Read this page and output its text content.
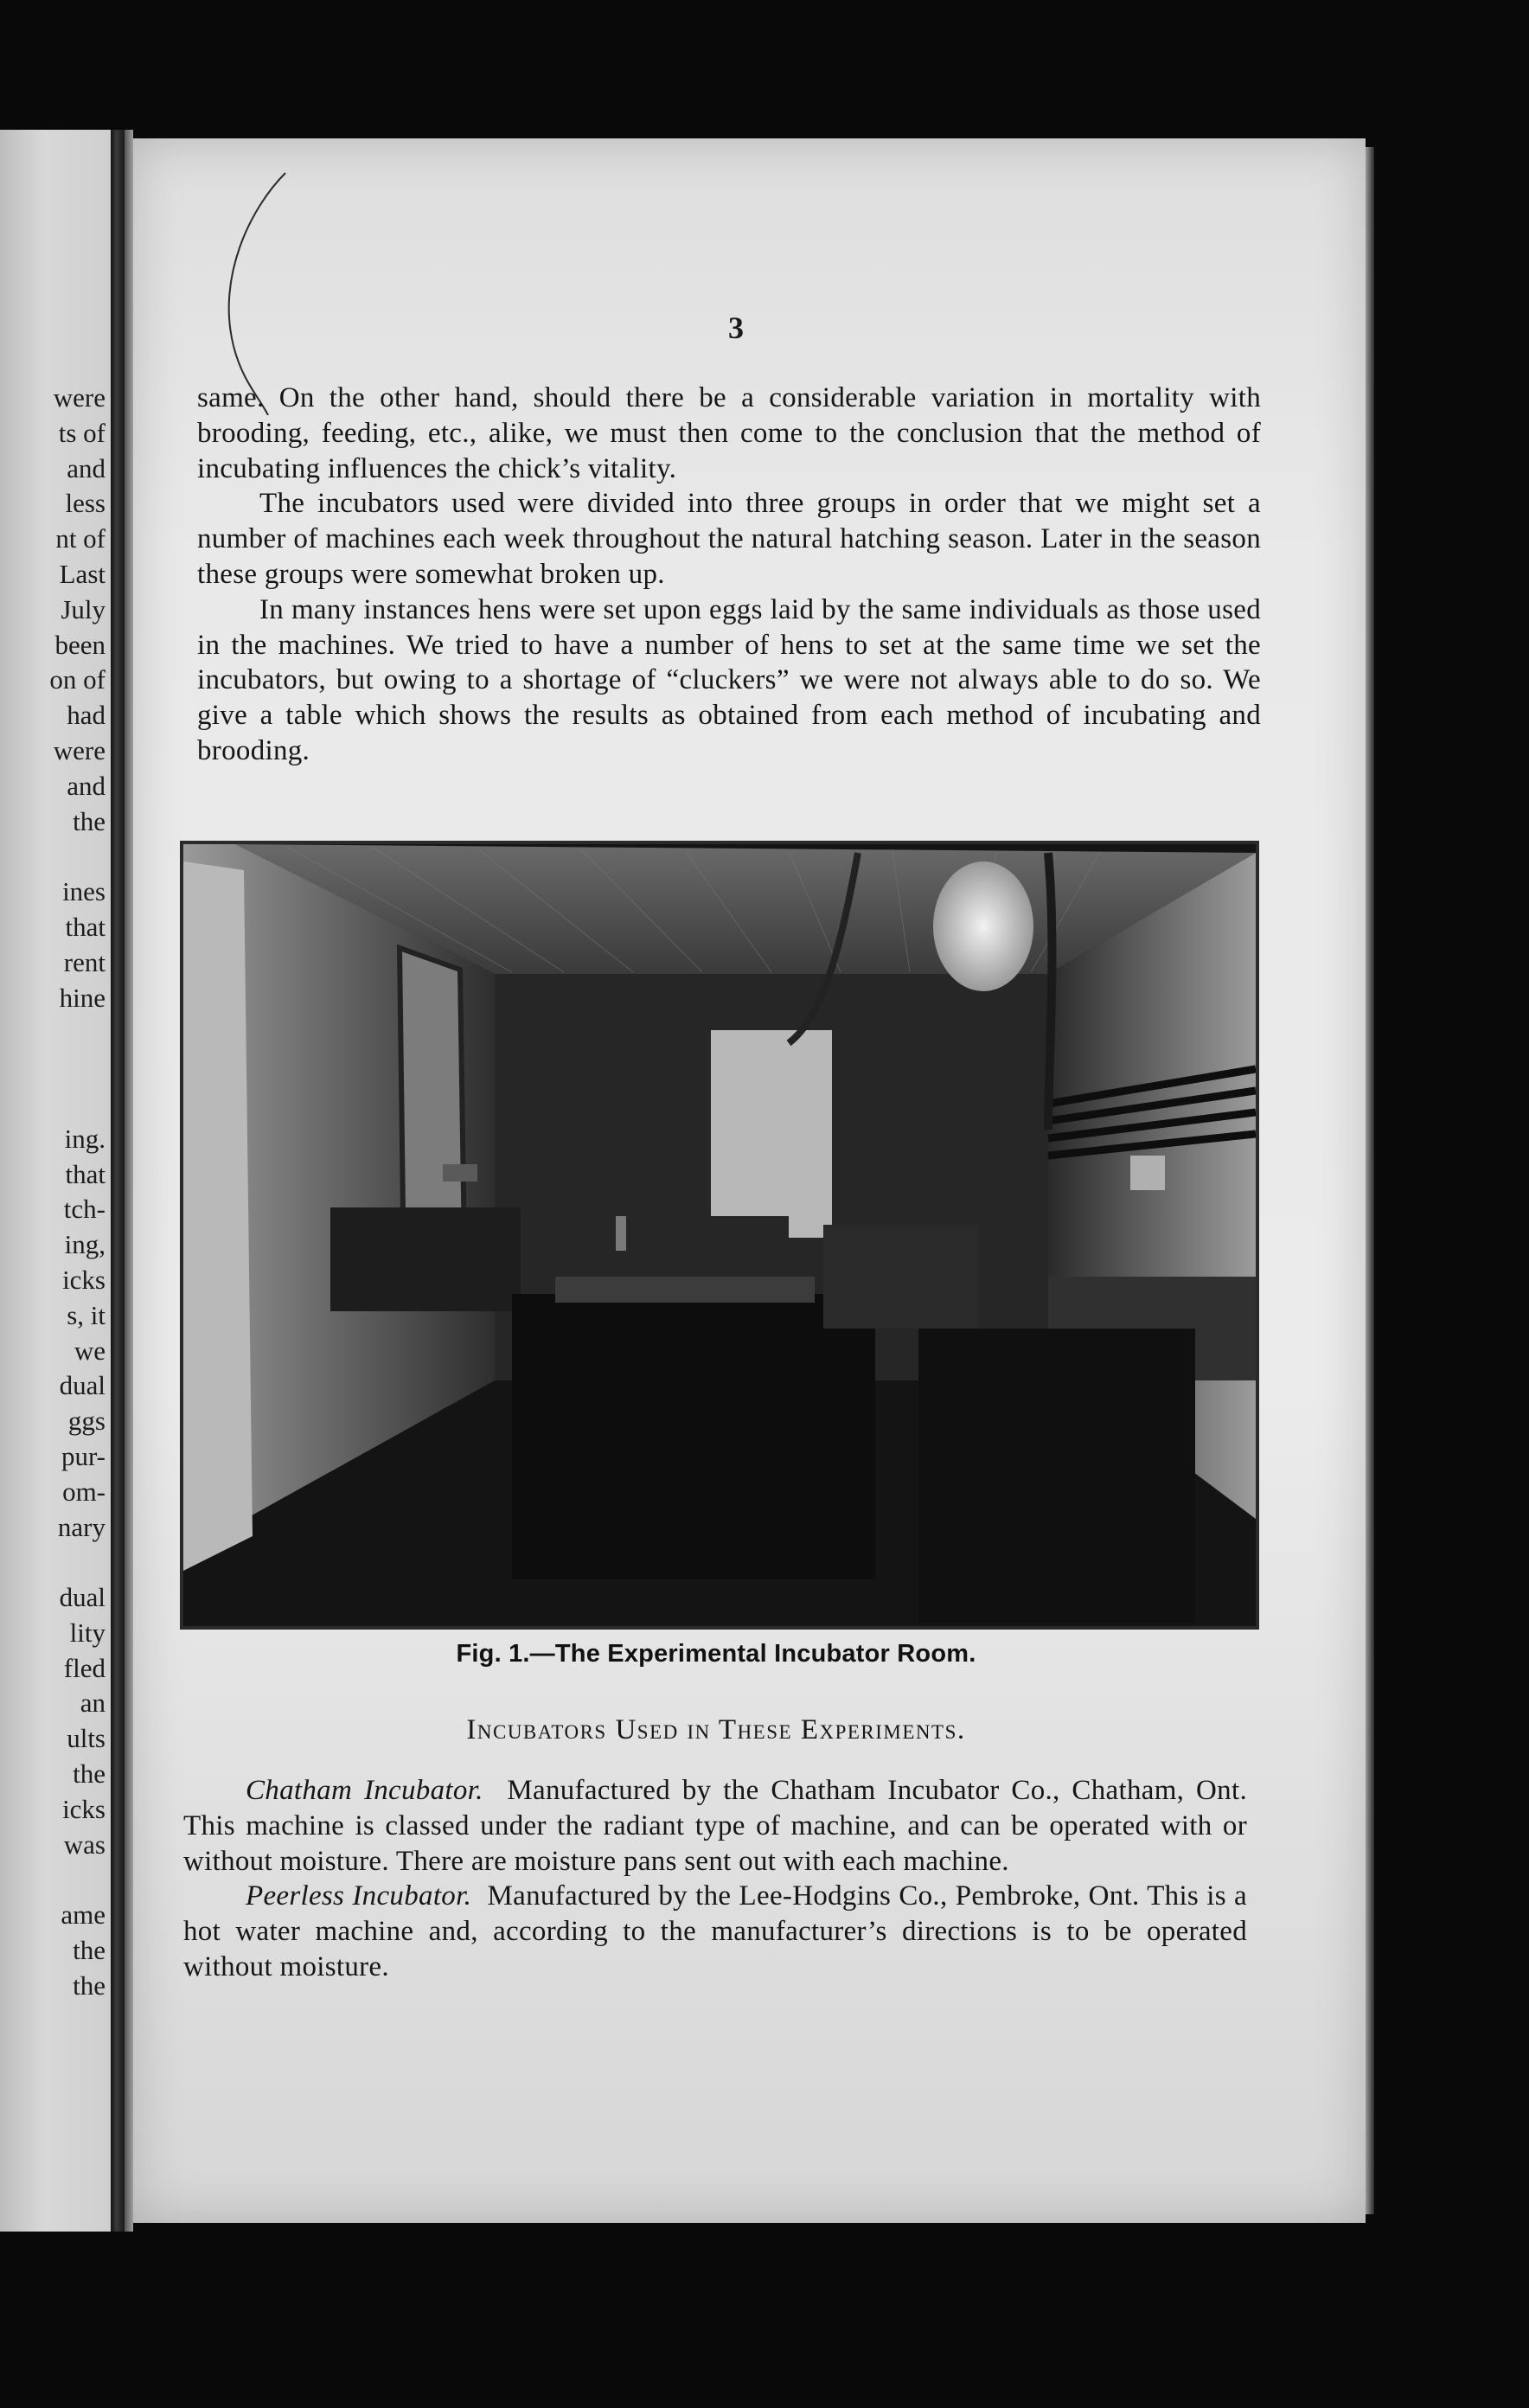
were
ts of
and
less
nt of
Last
July
been
on of
had
were
and
the
ines
that
rent
hine
ing.
that
tch-
ing,
icks
s, it
we
dual
ggs
pur-
om-
nary
dual
lity
fled
an
ults
the
icks
was
ame
the
the
3

same. On the other hand, should there be a considerable variation in mortality with brooding, feeding, etc., alike, we must then come to the conclusion that the method of incubating influences the chick’s vitality.

The incubators used were divided into three groups in order that we might set a number of machines each week throughout the natural hatching season. Later in the season these groups were somewhat broken up.

In many instances hens were set upon eggs laid by the same individuals as those used in the machines. We tried to have a number of hens to set at the same time we set the incubators, but owing to a shortage of “cluckers” we were not always able to do so. We give a table which shows the results as obtained from each method of incubating and brooding.

Fig. 1.—The Experimental Incubator Room.
Incubators Used in These Experiments.

Chatham Incubator. Manufactured by the Chatham Incubator Co., Chatham, Ont. This machine is classed under the radiant type of machine, and can be operated with or without moisture. There are moisture pans sent out with each machine.

Peerless Incubator. Manufactured by the Lee-Hodgins Co., Pembroke, Ont. This is a hot water machine and, according to the manufacturer’s directions is to be operated without moisture.
